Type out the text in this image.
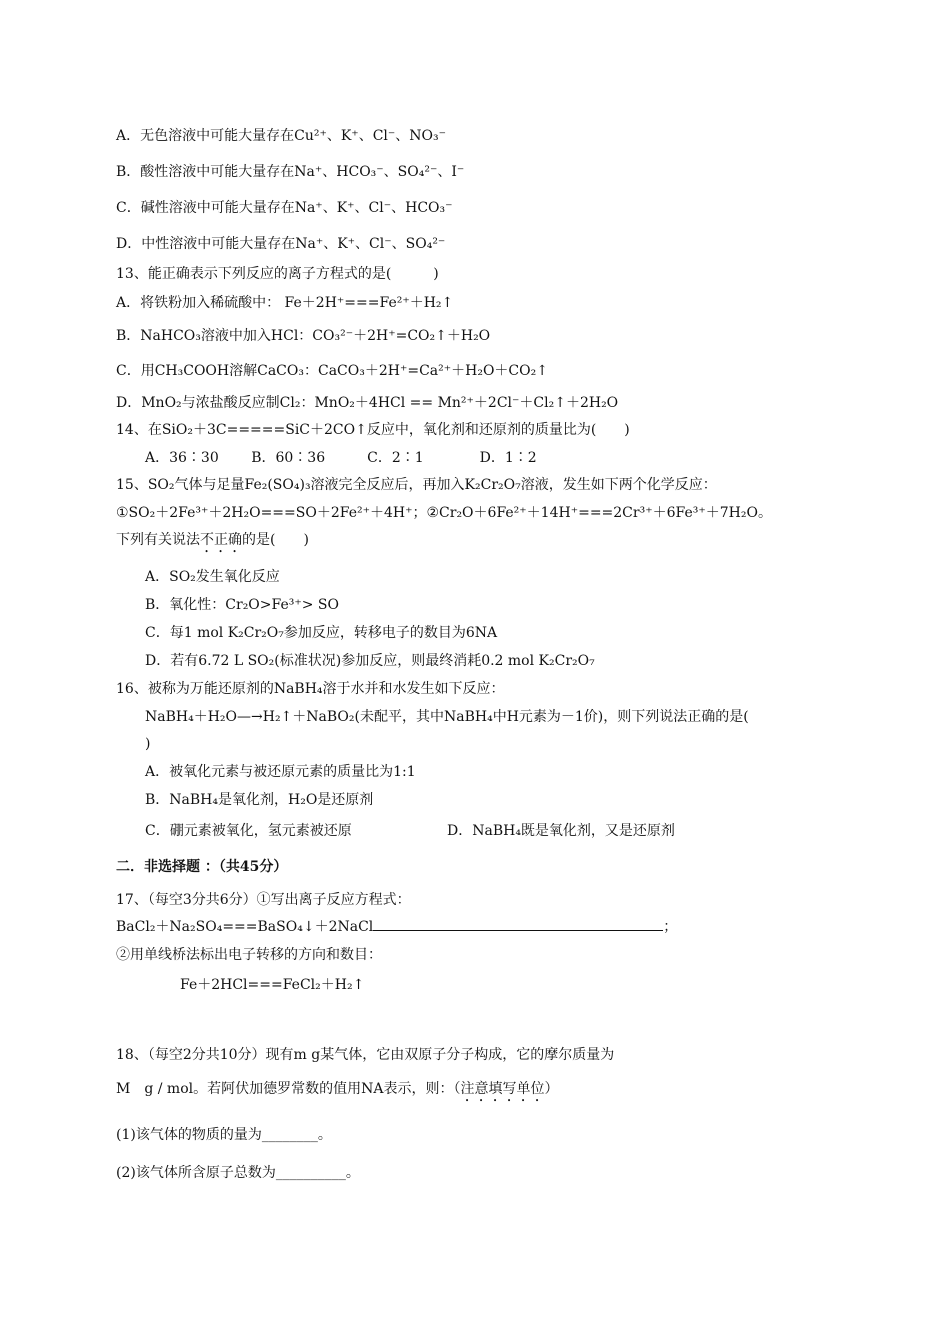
A．无色溶液中可能大量存在Cu²⁺、K⁺、Cl⁻、NO₃⁻
B．酸性溶液中可能大量存在Na⁺、HCO₃⁻、SO₄²⁻、I⁻
C．碱性溶液中可能大量存在Na⁺、K⁺、Cl⁻、HCO₃⁻
D．中性溶液中可能大量存在Na⁺、K⁺、Cl⁻、SO₄²⁻
13、能正确表示下列反应的离子方程式的是(　　　)
A．将铁粉加入稀硫酸中： Fe＋2H⁺===Fe²⁺＋H₂↑
B．NaHCO₃溶液中加入HCl：CO₃²⁻＋2H⁺=CO₂↑＋H₂O
C．用CH₃COOH溶解CaCO₃：CaCO₃＋2H⁺=Ca²⁺＋H₂O＋CO₂↑
D．MnO₂与浓盐酸反应制Cl₂：MnO₂＋4HCl == Mn²⁺＋2Cl⁻＋Cl₂↑＋2H₂O
14、在SiO₂＋3C=====SiC＋2CO↑反应中，氧化剂和还原剂的质量比为(　　)
A．36∶30　　 B．60∶36　　　C．2∶1　　　　D．1∶2
15、SO₂气体与足量Fe₂(SO₄)₃溶液完全反应后，再加入K₂Cr₂O₇溶液，发生如下两个化学反应：
①SO₂＋2Fe³⁺＋2H₂O===SO＋2Fe²⁺＋4H⁺；②Cr₂O＋6Fe²⁺＋14H⁺===2Cr³⁺＋6Fe³⁺＋7H₂O。
下列有关说法不正确的是(　　)
A．SO₂发生氧化反应
B．氧化性：Cr₂O>Fe³⁺> SO
C．每1 mol K₂Cr₂O₇参加反应，转移电子的数目为6NA
D．若有6.72 L SO₂(标准状况)参加反应，则最终消耗0.2 mol K₂Cr₂O₇
16、被称为万能还原剂的NaBH₄溶于水并和水发生如下反应：
NaBH₄＋H₂O—→H₂↑＋NaBO₂(未配平，其中NaBH₄中H元素为－1价)，则下列说法正确的是(
)
A．被氧化元素与被还原元素的质量比为1:1
B．NaBH₄是氧化剂，H₂O是还原剂
C．硼元素被氧化，氢元素被还原	D．NaBH₄既是氧化剂，又是还原剂
二．非选择题 ：（共45分）
17、（每空3分共6分）①写出离子反应方程式：
BaCl₂＋Na₂SO₄===BaSO₄↓＋2NaCl	；
②用单线桥法标出电子转移的方向和数目：
Fe＋2HCl===FeCl₂＋H₂↑
18、（每空2分共10分）现有m g某气体，它由双原子分子构成，它的摩尔质量为
M　g / mol。若阿伏加德罗常数的值用NA表示，则：（注意填写单位）
(1)该气体的物质的量为________。
(2)该气体所含原子总数为__________。
